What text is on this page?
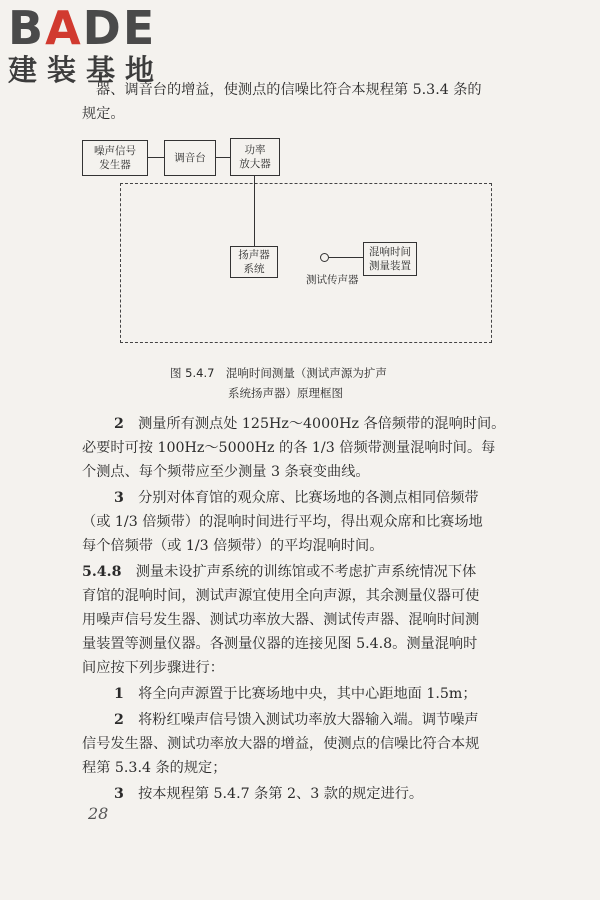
BADE
建装基地
器、调音台的增益，使测点的信噪比符合本规程第 5.3.4 条的
规定。
噪声信号
发生器
调音台
功率
放大器
扬声器
系统
测试传声器
混响时间
测量装置
图 5.4.7　混响时间测量（测试声源为扩声
系统扬声器）原理框图
2　 测量所有测点处 125Hz～4000Hz 各倍频带的混响时间。
必要时可按 100Hz～5000Hz 的各 1/3 倍频带测量混响时间。每
个测点、每个频带应至少测量 3 条衰变曲线。
3　 分别对体育馆的观众席、比赛场地的各测点相同倍频带
（或 1/3 倍频带）的混响时间进行平均，得出观众席和比赛场地
每个倍频带（或 1/3 倍频带）的平均混响时间。
5.4.8　 测量未设扩声系统的训练馆或不考虑扩声系统情况下体
育馆的混响时间，测试声源宜使用全向声源，其余测量仪器可使
用噪声信号发生器、测试功率放大器、测试传声器、混响时间测
量装置等测量仪器。各测量仪器的连接见图 5.4.8。测量混响时
间应按下列步骤进行：
1　 将全向声源置于比赛场地中央，其中心距地面 1.5m；
2　 将粉红噪声信号馈入测试功率放大器输入端。调节噪声
信号发生器、测试功率放大器的增益，使测点的信噪比符合本规
程第 5.3.4 条的规定；
3　 按本规程第 5.4.7 条第 2、3 款的规定进行。
28
